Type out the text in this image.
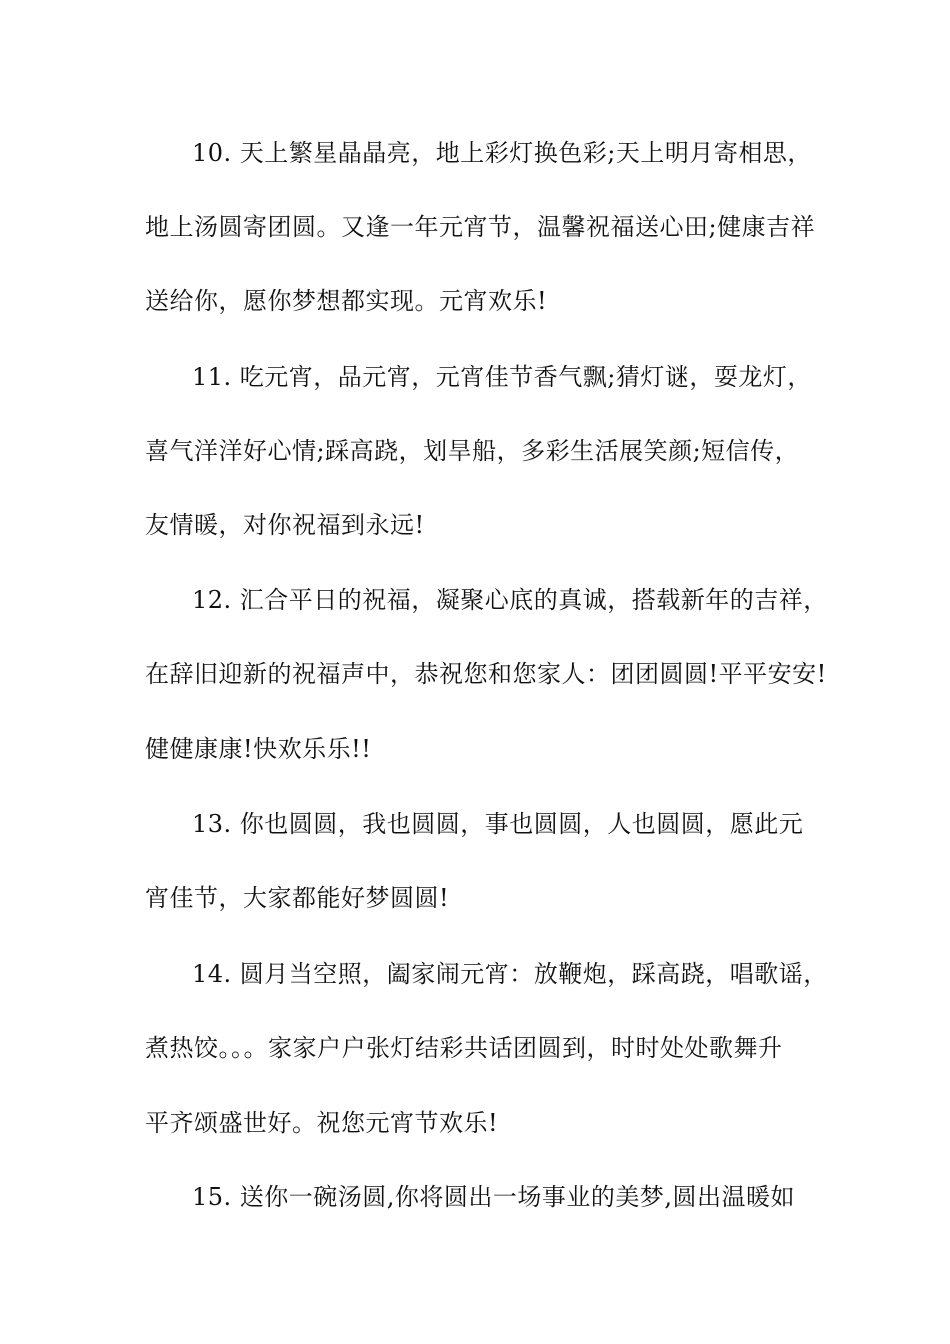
10. 天上繁星晶晶亮，地上彩灯换色彩;天上明月寄相思，
地上汤圆寄团圆。又逢一年元宵节，温馨祝福送心田;健康吉祥
送给你，愿你梦想都实现。元宵欢乐!
11. 吃元宵，品元宵，元宵佳节香气飘;猜灯谜，耍龙灯，
喜气洋洋好心情;踩高跷，划旱船，多彩生活展笑颜;短信传，
友情暖，对你祝福到永远!
12. 汇合平日的祝福，凝聚心底的真诚，搭载新年的吉祥，
在辞旧迎新的祝福声中，恭祝您和您家人：团团圆圆!平平安安!
健健康康!快欢乐乐!!
13. 你也圆圆，我也圆圆，事也圆圆，人也圆圆，愿此元
宵佳节，大家都能好梦圆圆!
14. 圆月当空照，阖家闹元宵：放鞭炮，踩高跷，唱歌谣，
煮热饺。。。家家户户张灯结彩共话团圆到，时时处处歌舞升
平齐颂盛世好。祝您元宵节欢乐!
15. 送你一碗汤圆,你将圆出一场事业的美梦,圆出温暖如
